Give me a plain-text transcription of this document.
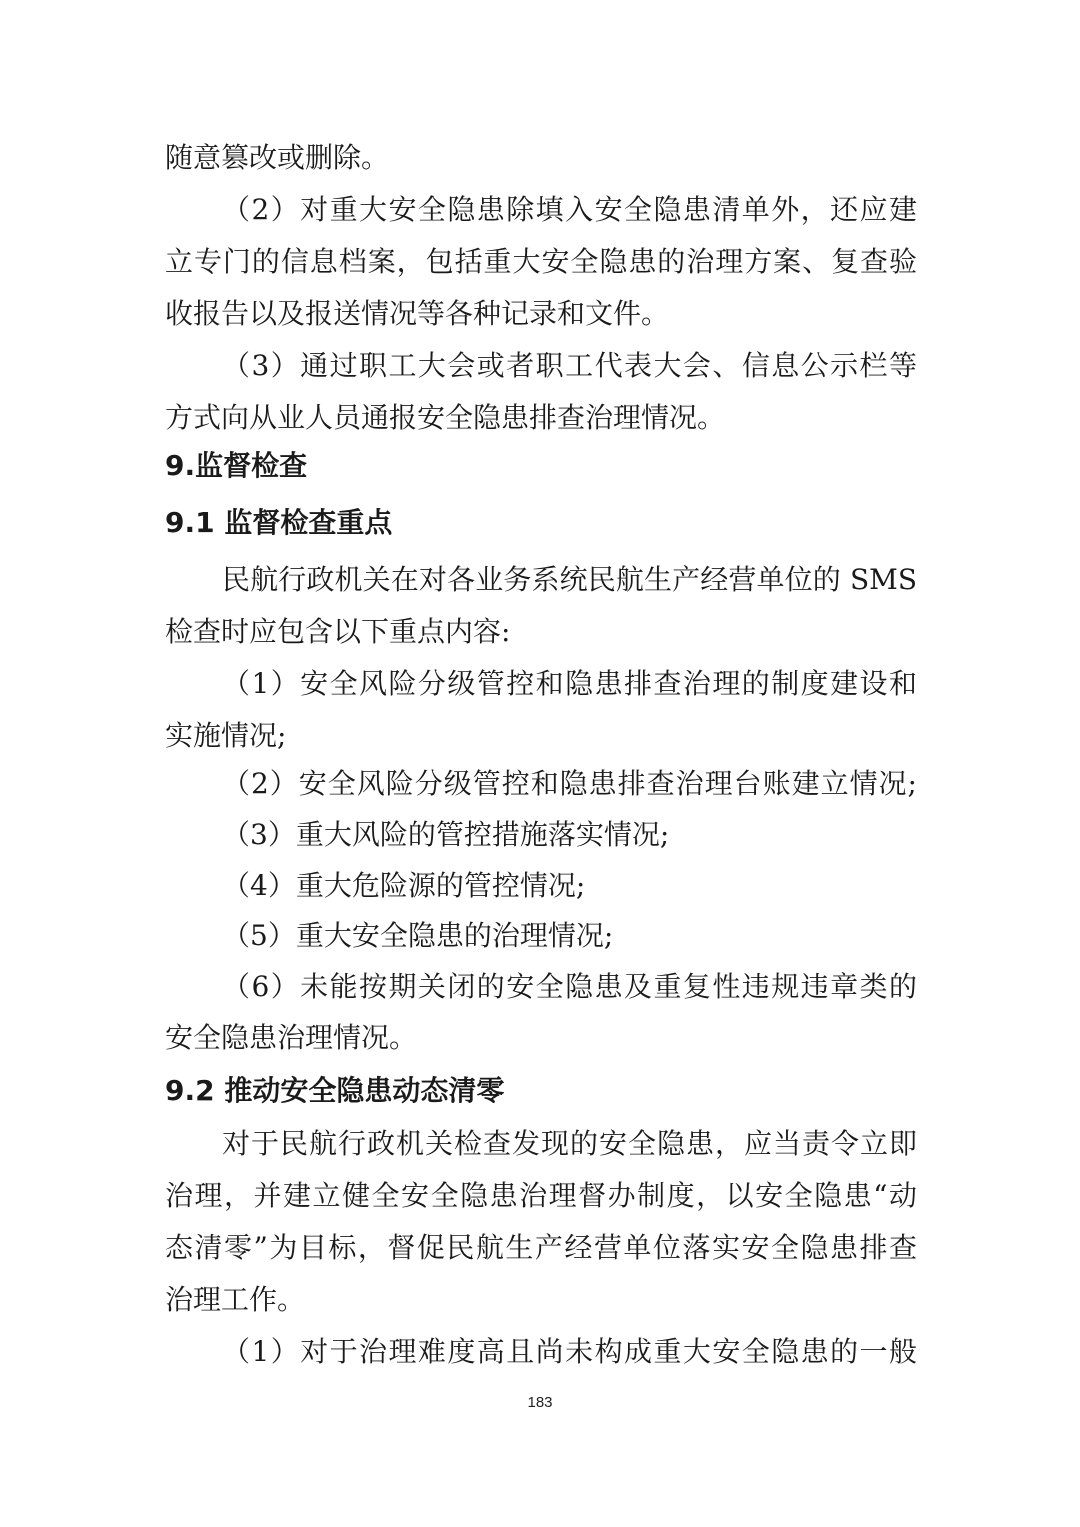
随意篡改或删除。
（2）对重大安全隐患除填入安全隐患清单外，还应建
立专门的信息档案，包括重大安全隐患的治理方案、复查验
收报告以及报送情况等各种记录和文件。
（3）通过职工大会或者职工代表大会、信息公示栏等
方式向从业人员通报安全隐患排查治理情况。
9.监督检查
9.1 监督检查重点
民航行政机关在对各业务系统民航生产经营单位的 SMS
检查时应包含以下重点内容:
（1）安全风险分级管控和隐患排查治理的制度建设和
实施情况;
（2）安全风险分级管控和隐患排查治理台账建立情况;
（3）重大风险的管控措施落实情况;
（4）重大危险源的管控情况;
（5）重大安全隐患的治理情况;
（6）未能按期关闭的安全隐患及重复性违规违章类的
安全隐患治理情况。
9.2 推动安全隐患动态清零
对于民航行政机关检查发现的安全隐患，应当责令立即
治理，并建立健全安全隐患治理督办制度，以安全隐患“动
态清零”为目标，督促民航生产经营单位落实安全隐患排查
治理工作。
（1）对于治理难度高且尚未构成重大安全隐患的一般
183
